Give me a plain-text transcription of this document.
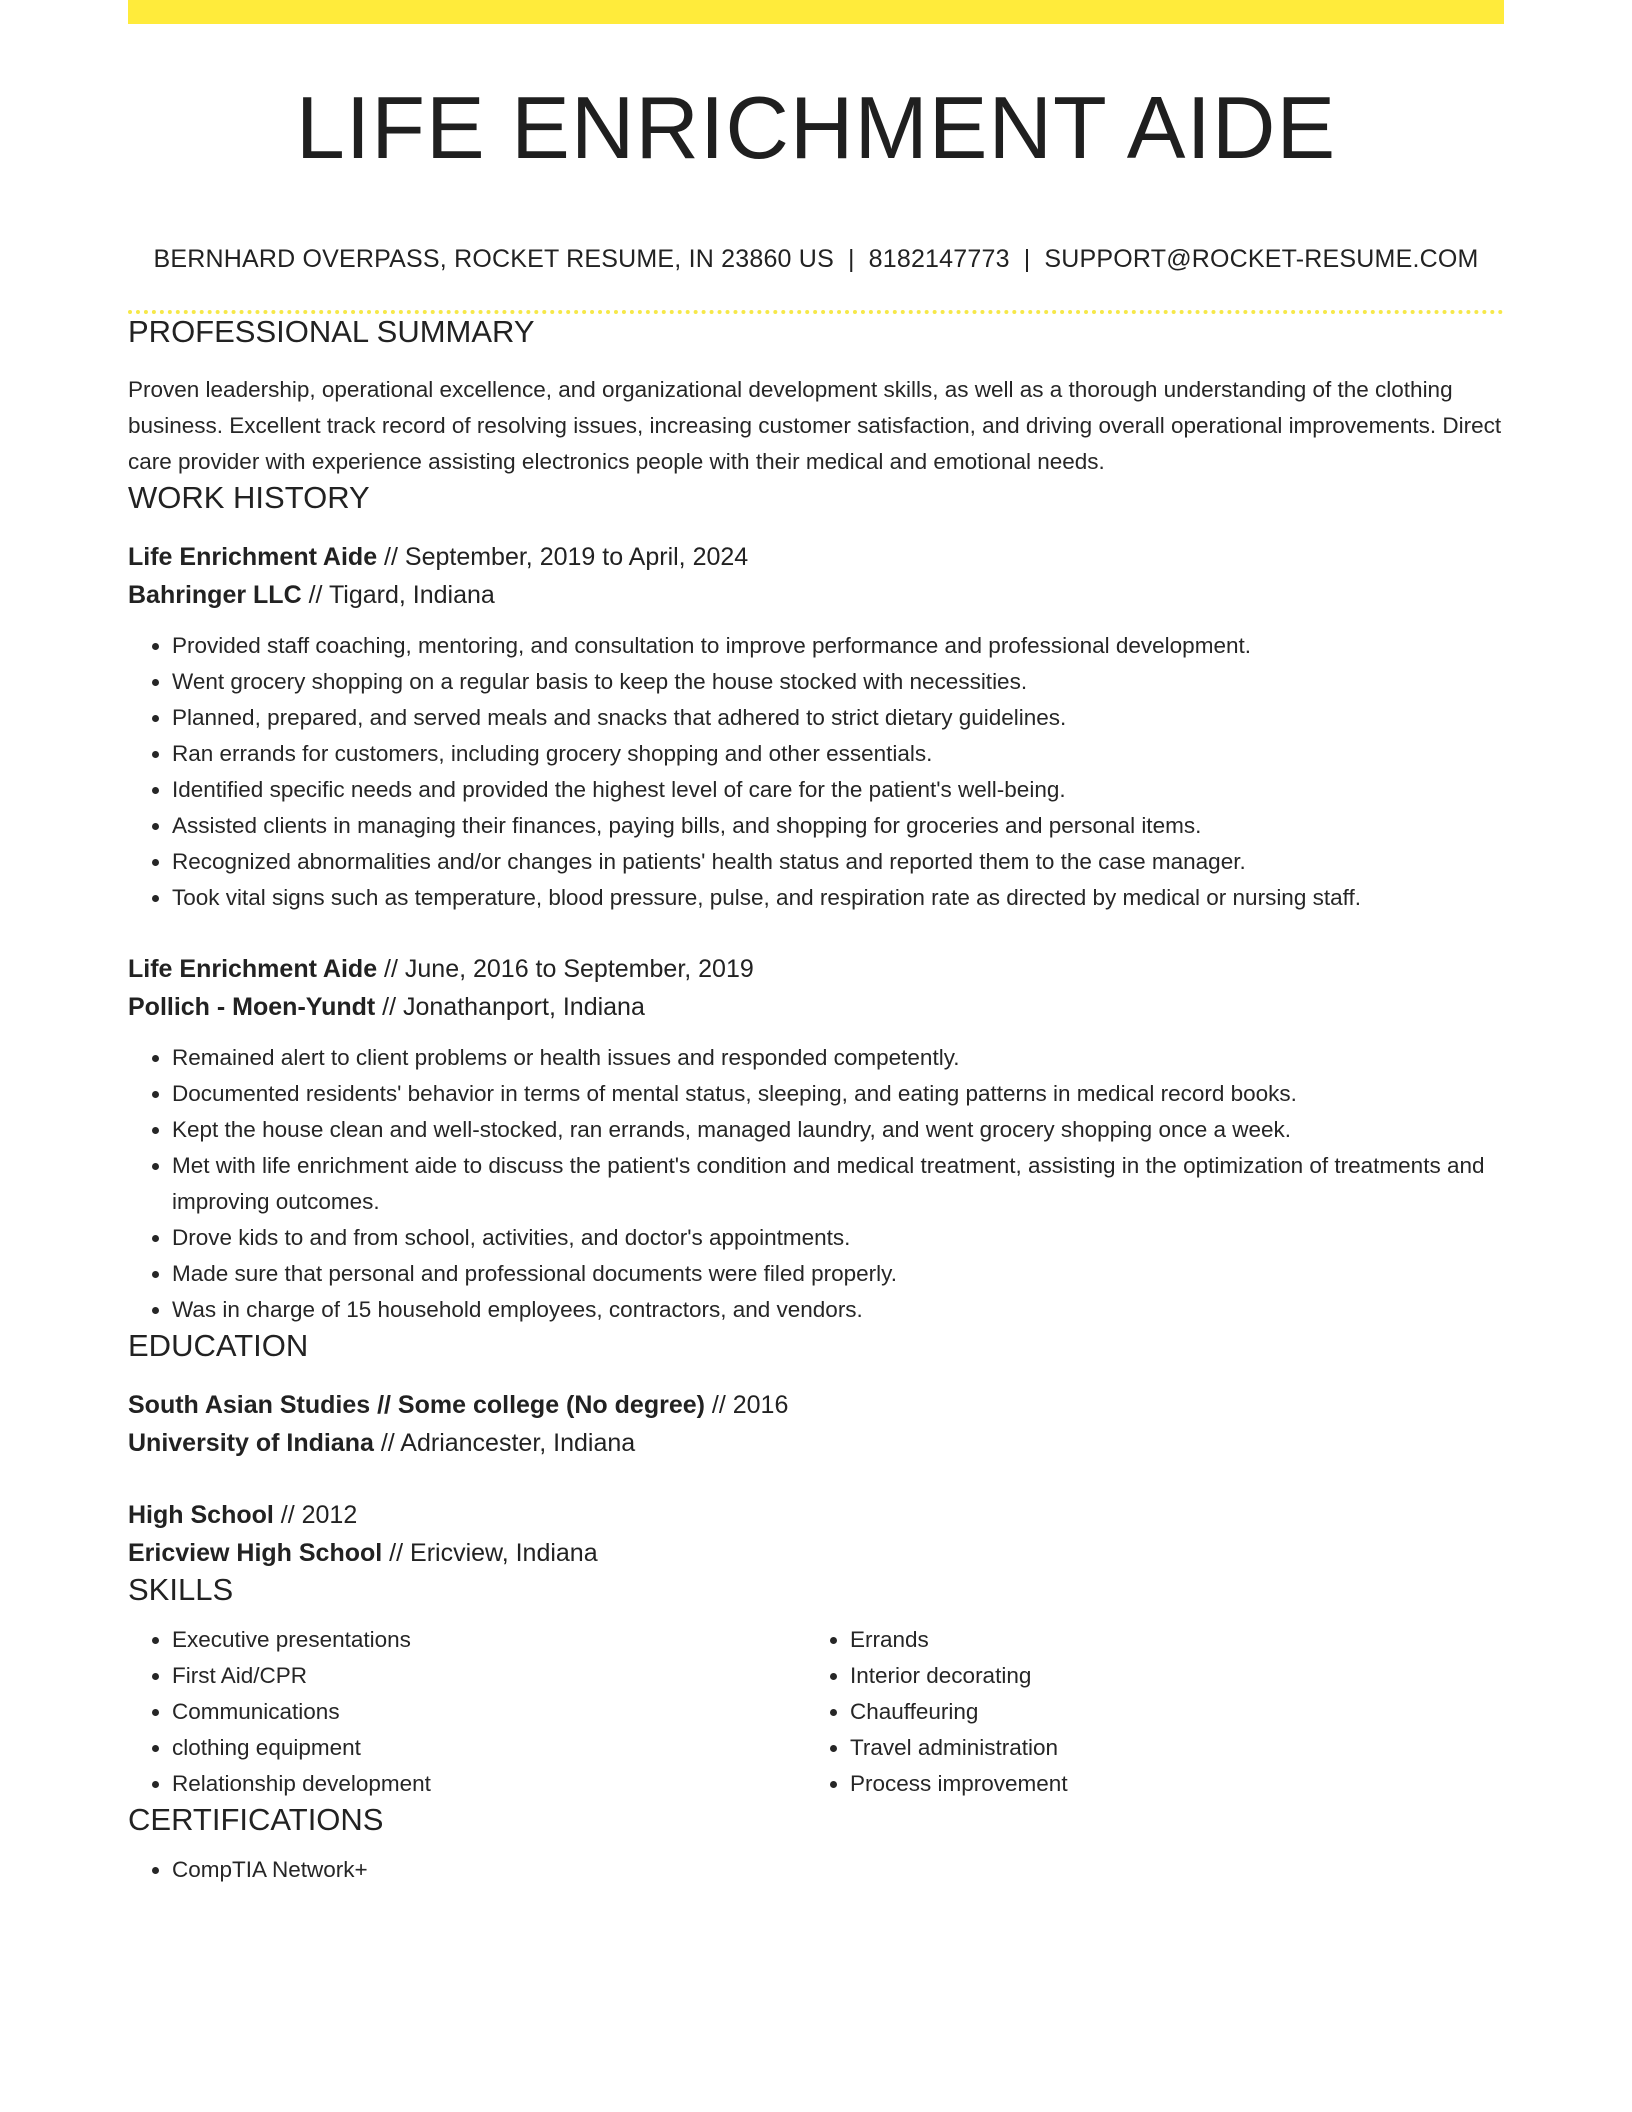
LIFE ENRICHMENT AIDE
BERNHARD OVERPASS, ROCKET RESUME, IN 23860 US | 8182147773 | SUPPORT@ROCKET-RESUME.COM
PROFESSIONAL SUMMARY
Proven leadership, operational excellence, and organizational development skills, as well as a thorough understanding of the clothing business. Excellent track record of resolving issues, increasing customer satisfaction, and driving overall operational improvements. Direct care provider with experience assisting electronics people with their medical and emotional needs.
WORK HISTORY
Life Enrichment Aide // September, 2019 to April, 2024
Bahringer LLC // Tigard, Indiana
• Provided staff coaching, mentoring, and consultation to improve performance and professional development.
• Went grocery shopping on a regular basis to keep the house stocked with necessities.
• Planned, prepared, and served meals and snacks that adhered to strict dietary guidelines.
• Ran errands for customers, including grocery shopping and other essentials.
• Identified specific needs and provided the highest level of care for the patient's well-being.
• Assisted clients in managing their finances, paying bills, and shopping for groceries and personal items.
• Recognized abnormalities and/or changes in patients' health status and reported them to the case manager.
• Took vital signs such as temperature, blood pressure, pulse, and respiration rate as directed by medical or nursing staff.
Life Enrichment Aide // June, 2016 to September, 2019
Pollich - Moen-Yundt // Jonathanport, Indiana
• Remained alert to client problems or health issues and responded competently.
• Documented residents' behavior in terms of mental status, sleeping, and eating patterns in medical record books.
• Kept the house clean and well-stocked, ran errands, managed laundry, and went grocery shopping once a week.
• Met with life enrichment aide to discuss the patient's condition and medical treatment, assisting in the optimization of treatments and improving outcomes.
• Drove kids to and from school, activities, and doctor's appointments.
• Made sure that personal and professional documents were filed properly.
• Was in charge of 15 household employees, contractors, and vendors.
EDUCATION
South Asian Studies // Some college (No degree) // 2016
University of Indiana // Adriancester, Indiana
High School // 2012
Ericview High School // Ericview, Indiana
SKILLS
• Executive presentations
• First Aid/CPR
• Communications
• clothing equipment
• Relationship development
• Errands
• Interior decorating
• Chauffeuring
• Travel administration
• Process improvement
CERTIFICATIONS
• CompTIA Network+
